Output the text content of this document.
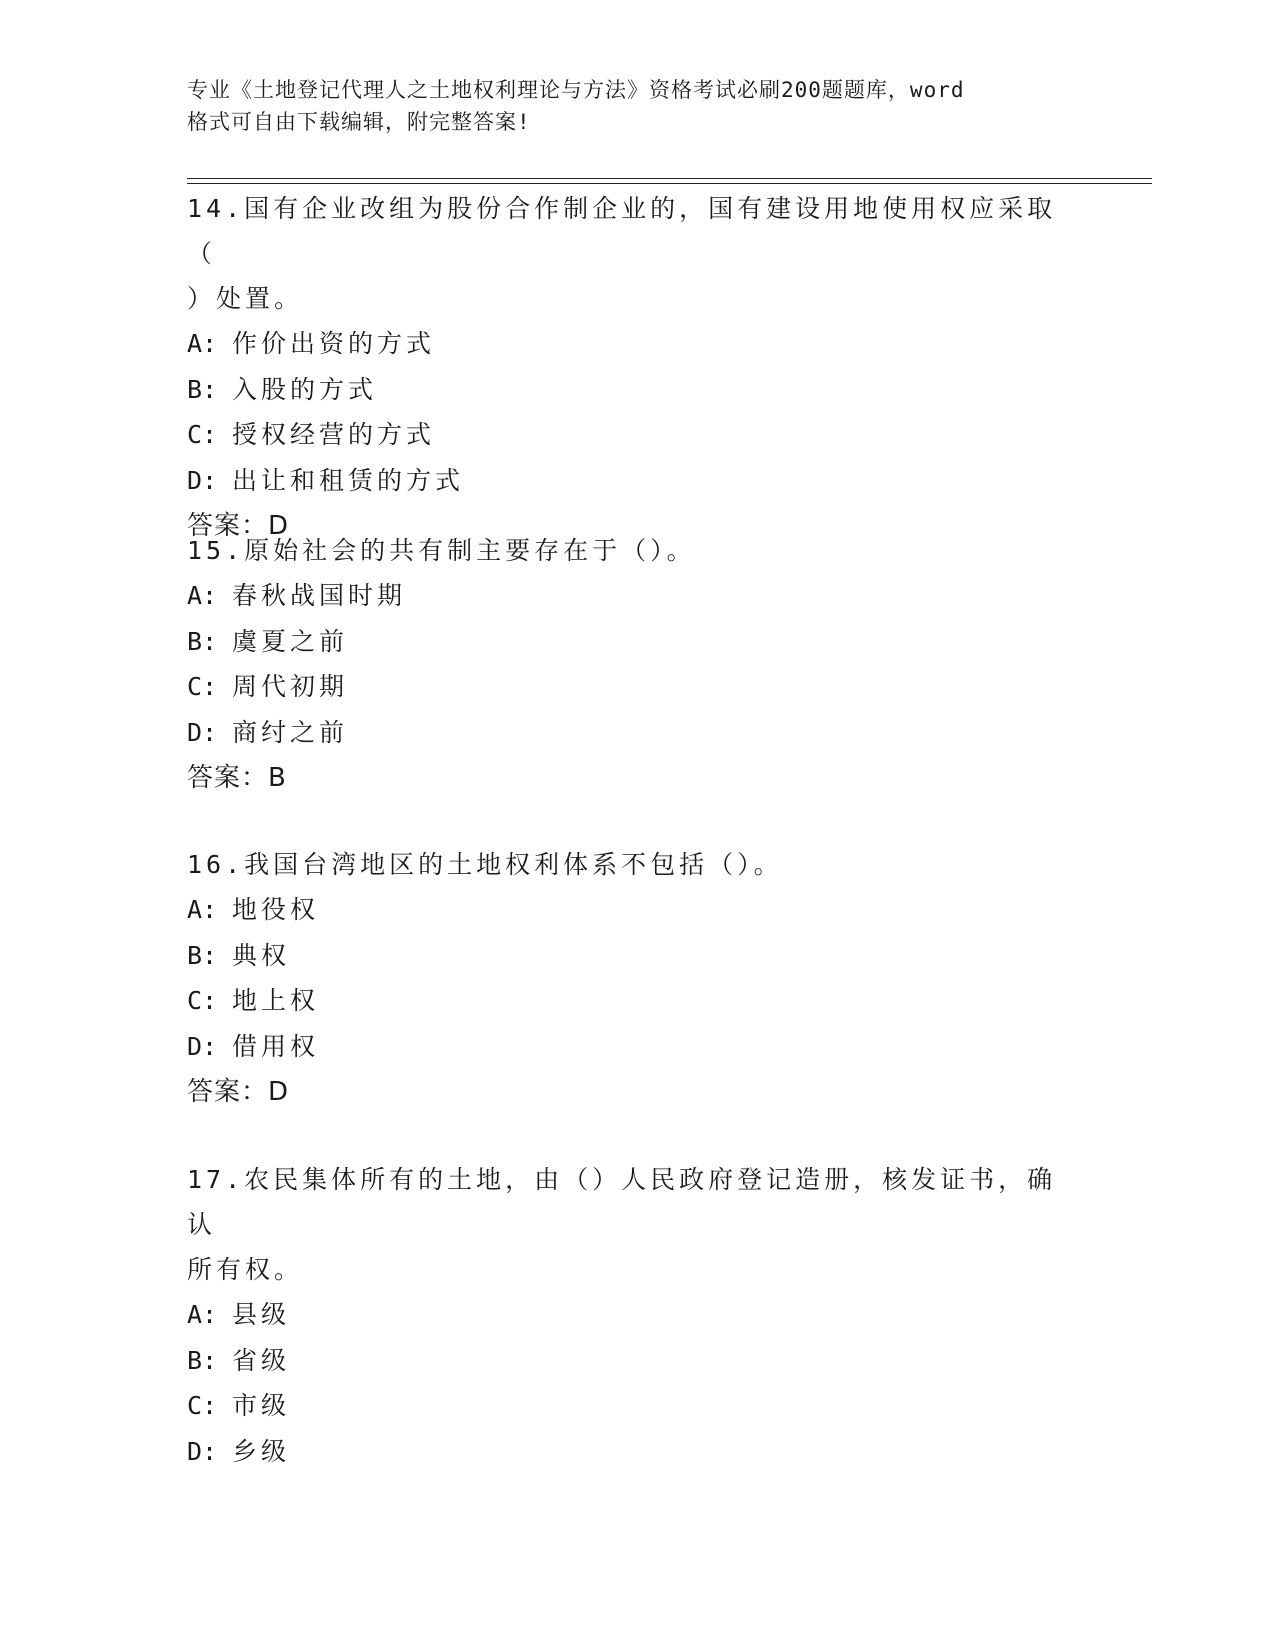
专业《土地登记代理人之土地权利理论与方法》资格考试必刷200题题库，word
格式可自由下载编辑，附完整答案!
14.国有企业改组为股份合作制企业的，国有建设用地使用权应采取（
）处置。
A: 作价出资的方式
B: 入股的方式
C: 授权经营的方式
D: 出让和租赁的方式
答案：D
15.原始社会的共有制主要存在于（）。
A: 春秋战国时期
B: 虞夏之前
C: 周代初期
D: 商纣之前
答案：B
16.我国台湾地区的土地权利体系不包括（）。
A: 地役权
B: 典权
C: 地上权
D: 借用权
答案：D
17.农民集体所有的土地，由（）人民政府登记造册，核发证书，确认
所有权。
A: 县级
B: 省级
C: 市级
D: 乡级
